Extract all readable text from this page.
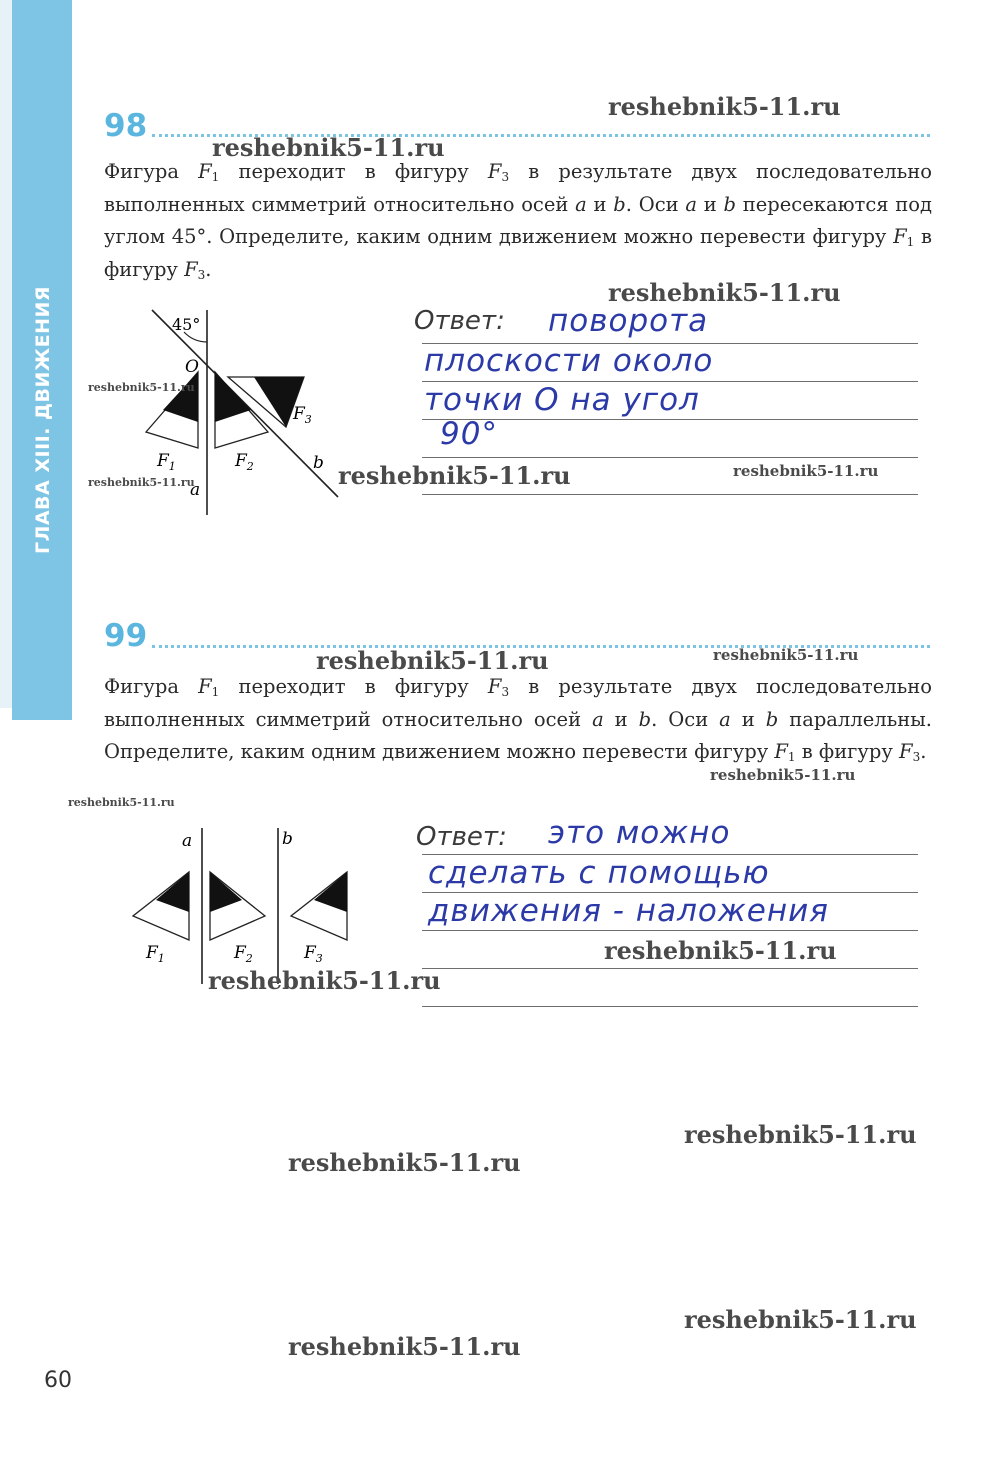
ГЛАВА XIII. ДВИЖЕНИЯ
98
reshebnik5-11.ru
reshebnik5-11.ru
Фигура $F_1$ переходит в фигуру $F_3$ в результате двух последовательно выполненных симметрий относительно осей a и b. Оси a и b пересекаются под углом 45°. Определите, каким одним движением можно перевести фигуру $F_1$ в фигуру $F_3$.
reshebnik5-11.ru
45°
O
a
b
$F_1$	$F_2$
$F_3$
reshebnik5-11.ru
reshebnik5-11.ru
Ответ: поворота
плоскости около
точки O на угол
90°
reshebnik5-11.ru	reshebnik5-11.ru
99
reshebnik5-11.ru	reshebnik5-11.ru
Фигура $F_1$ переходит в фигуру $F_3$ в результате двух последовательно выполненных симметрий относительно осей a и b. Оси a и b параллельны. Определите, каким одним движением можно перевести фигуру $F_1$ в фигуру $F_3$.
reshebnik5-11.ru
reshebnik5-11.ru
a	b
$F_1$	$F_2$	$F_3$
reshebnik5-11.ru
Ответ: это можно
сделать с помощью
движения - наложения
reshebnik5-11.ru
reshebnik5-11.ru
reshebnik5-11.ru
reshebnik5-11.ru
reshebnik5-11.ru
60
